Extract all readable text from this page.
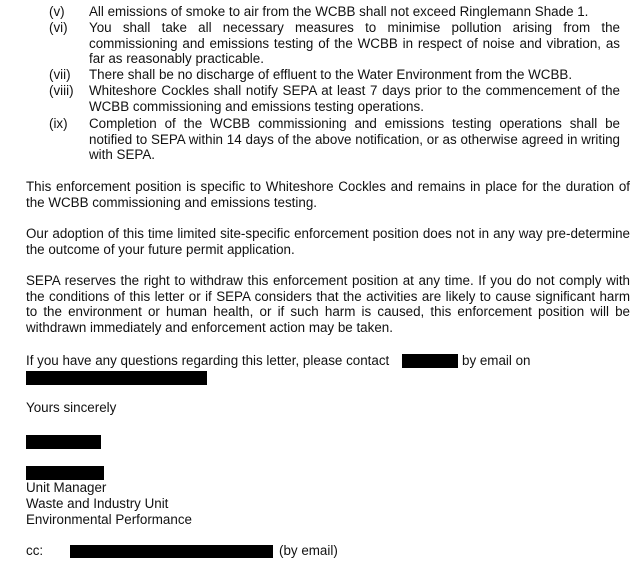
(v) All emissions of smoke to air from the WCBB shall not exceed Ringlemann Shade 1.
(vi) You shall take all necessary measures to minimise pollution arising from the commissioning and emissions testing of the WCBB in respect of noise and vibration, as far as reasonably practicable.
(vii) There shall be no discharge of effluent to the Water Environment from the WCBB.
(viii) Whiteshore Cockles shall notify SEPA at least 7 days prior to the commencement of the WCBB commissioning and emissions testing operations.
(ix) Completion of the WCBB commissioning and emissions testing operations shall be notified to SEPA within 14 days of the above notification, or as otherwise agreed in writing with SEPA.
This enforcement position is specific to Whiteshore Cockles and remains in place for the duration of the WCBB commissioning and emissions testing.
Our adoption of this time limited site-specific enforcement position does not in any way pre-determine the outcome of your future permit application.
SEPA reserves the right to withdraw this enforcement position at any time. If you do not comply with the conditions of this letter or if SEPA considers that the activities are likely to cause significant harm to the environment or human health, or if such harm is caused, this enforcement position will be withdrawn immediately and enforcement action may be taken.
If you have any questions regarding this letter, please contact	by email on
Yours sincerely
Unit Manager
Waste and Industry Unit
Environmental Performance
cc:	(by email)
